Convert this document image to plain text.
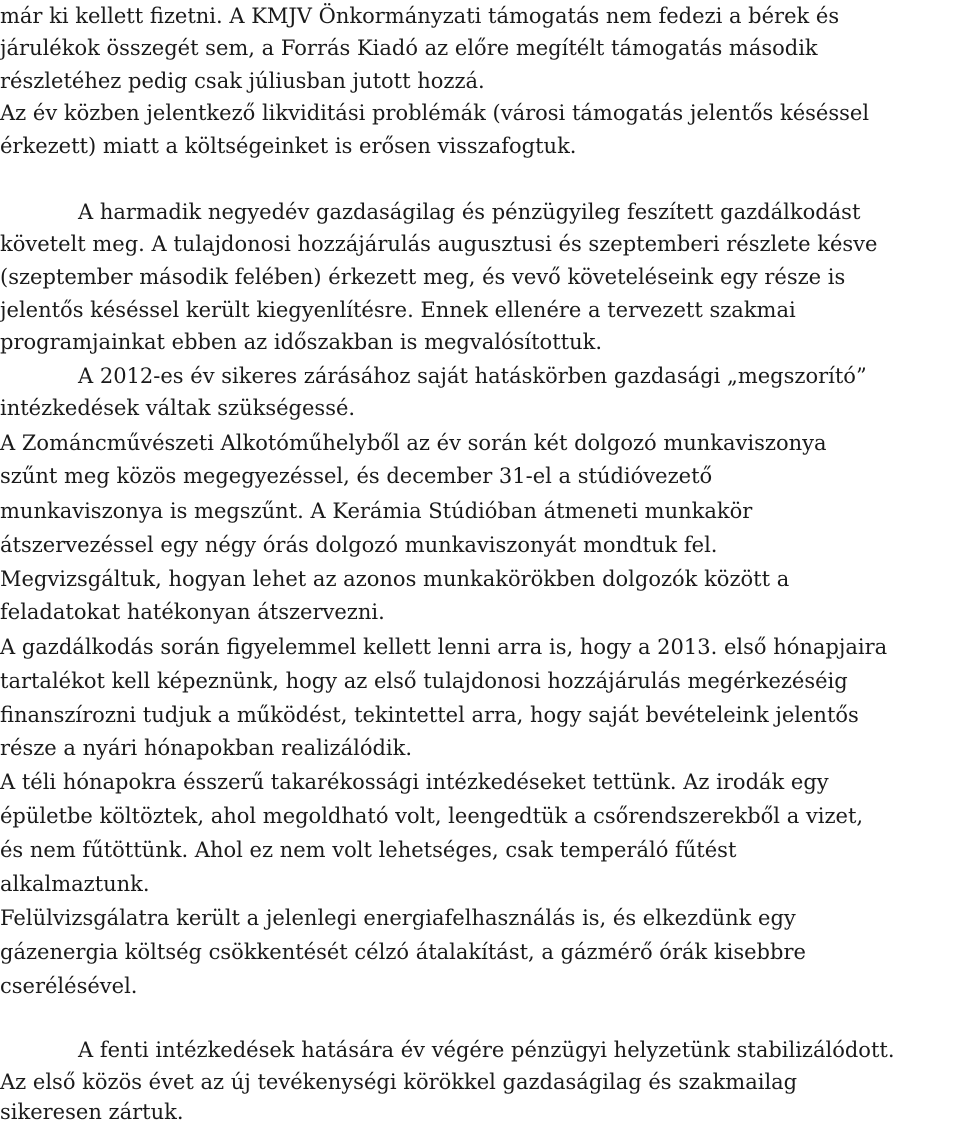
már ki kellett fizetni. A KMJV Önkormányzati támogatás nem fedezi a bérek és
járulékok összegét sem, a Forrás Kiadó az előre megítélt támogatás második
részletéhez pedig csak júliusban jutott hozzá.
Az év közben jelentkező likviditási problémák (városi támogatás jelentős késéssel
érkezett) miatt a költségeinket is erősen visszafogtuk.
A harmadik negyedév gazdaságilag és pénzügyileg feszített gazdálkodást
követelt meg. A tulajdonosi hozzájárulás augusztusi és szeptemberi részlete késve
(szeptember második felében) érkezett meg, és vevő követeléseink egy része is
jelentős késéssel került kiegyenlítésre. Ennek ellenére a tervezett szakmai
programjainkat ebben az időszakban is megvalósítottuk.
A 2012-es év sikeres zárásához saját hatáskörben gazdasági „megszorító”
intézkedések váltak szükségessé.
A Zománcművészeti Alkotóműhelyből az év során két dolgozó munkaviszonya
szűnt meg közös megegyezéssel, és december 31-el a stúdióvezető
munkaviszonya is megszűnt. A Kerámia Stúdióban átmeneti munkakör
átszervezéssel egy négy órás dolgozó munkaviszonyát mondtuk fel.
Megvizsgáltuk, hogyan lehet az azonos munkakörökben dolgozók között a
feladatokat hatékonyan átszervezni.
A gazdálkodás során figyelemmel kellett lenni arra is, hogy a 2013. első hónapjaira
tartalékot kell képeznünk, hogy az első tulajdonosi hozzájárulás megérkezéséig
finanszírozni tudjuk a működést, tekintettel arra, hogy saját bevételeink jelentős
része a nyári hónapokban realizálódik.
A téli hónapokra ésszerű takarékossági intézkedéseket tettünk. Az irodák egy
épületbe költöztek, ahol megoldható volt, leengedtük a csőrendszerekből a vizet,
és nem fűtöttünk. Ahol ez nem volt lehetséges, csak temperáló fűtést
alkalmaztunk.
Felülvizsgálatra került a jelenlegi energiafelhasználás is, és elkezdünk egy
gázenergia költség csökkentését célzó átalakítást, a gázmérő órák kisebbre
cserélésével.
A fenti intézkedések hatására év végére pénzügyi helyzetünk stabilizálódott.
Az első közös évet az új tevékenységi körökkel gazdaságilag és szakmailag
sikeresen zártuk.
